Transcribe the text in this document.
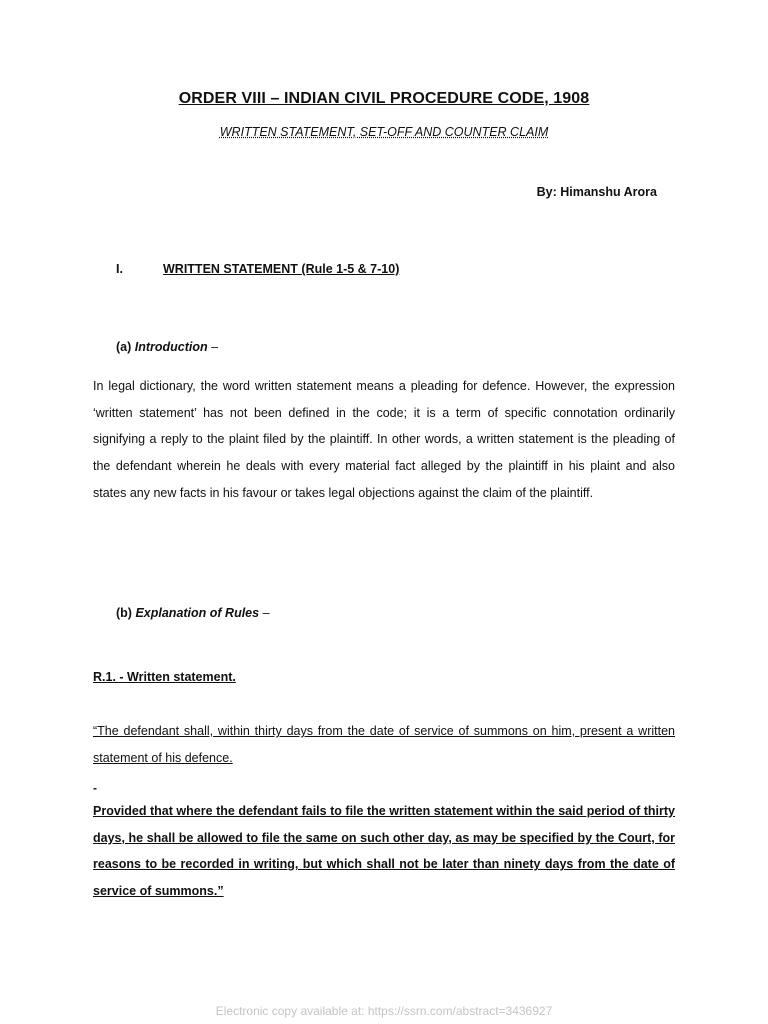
ORDER VIII – INDIAN CIVIL PROCEDURE CODE, 1908
WRITTEN STATEMENT, SET-OFF AND COUNTER CLAIM
By: Himanshu Arora
I.	WRITTEN STATEMENT (Rule 1-5 & 7-10)
(a) Introduction –
In legal dictionary, the word written statement means a pleading for defence. However, the expression ‘written statement’ has not been defined in the code; it is a term of specific connotation ordinarily signifying a reply to the plaint filed by the plaintiff. In other words, a written statement is the pleading of the defendant wherein he deals with every material fact alleged by the plaintiff in his plaint and also states any new facts in his favour or takes legal objections against the claim of the plaintiff.
(b) Explanation of Rules –
R.1. - Written statement.
“The defendant shall, within thirty days from the date of service of summons on him, present a written statement of his defence.
-
Provided that where the defendant fails to file the written statement within the said period of thirty days, he shall be allowed to file the same on such other day, as may be specified by the Court, for reasons to be recorded in writing, but which shall not be later than ninety days from the date of service of summons.”
Electronic copy available at: https://ssrn.com/abstract=3436927
